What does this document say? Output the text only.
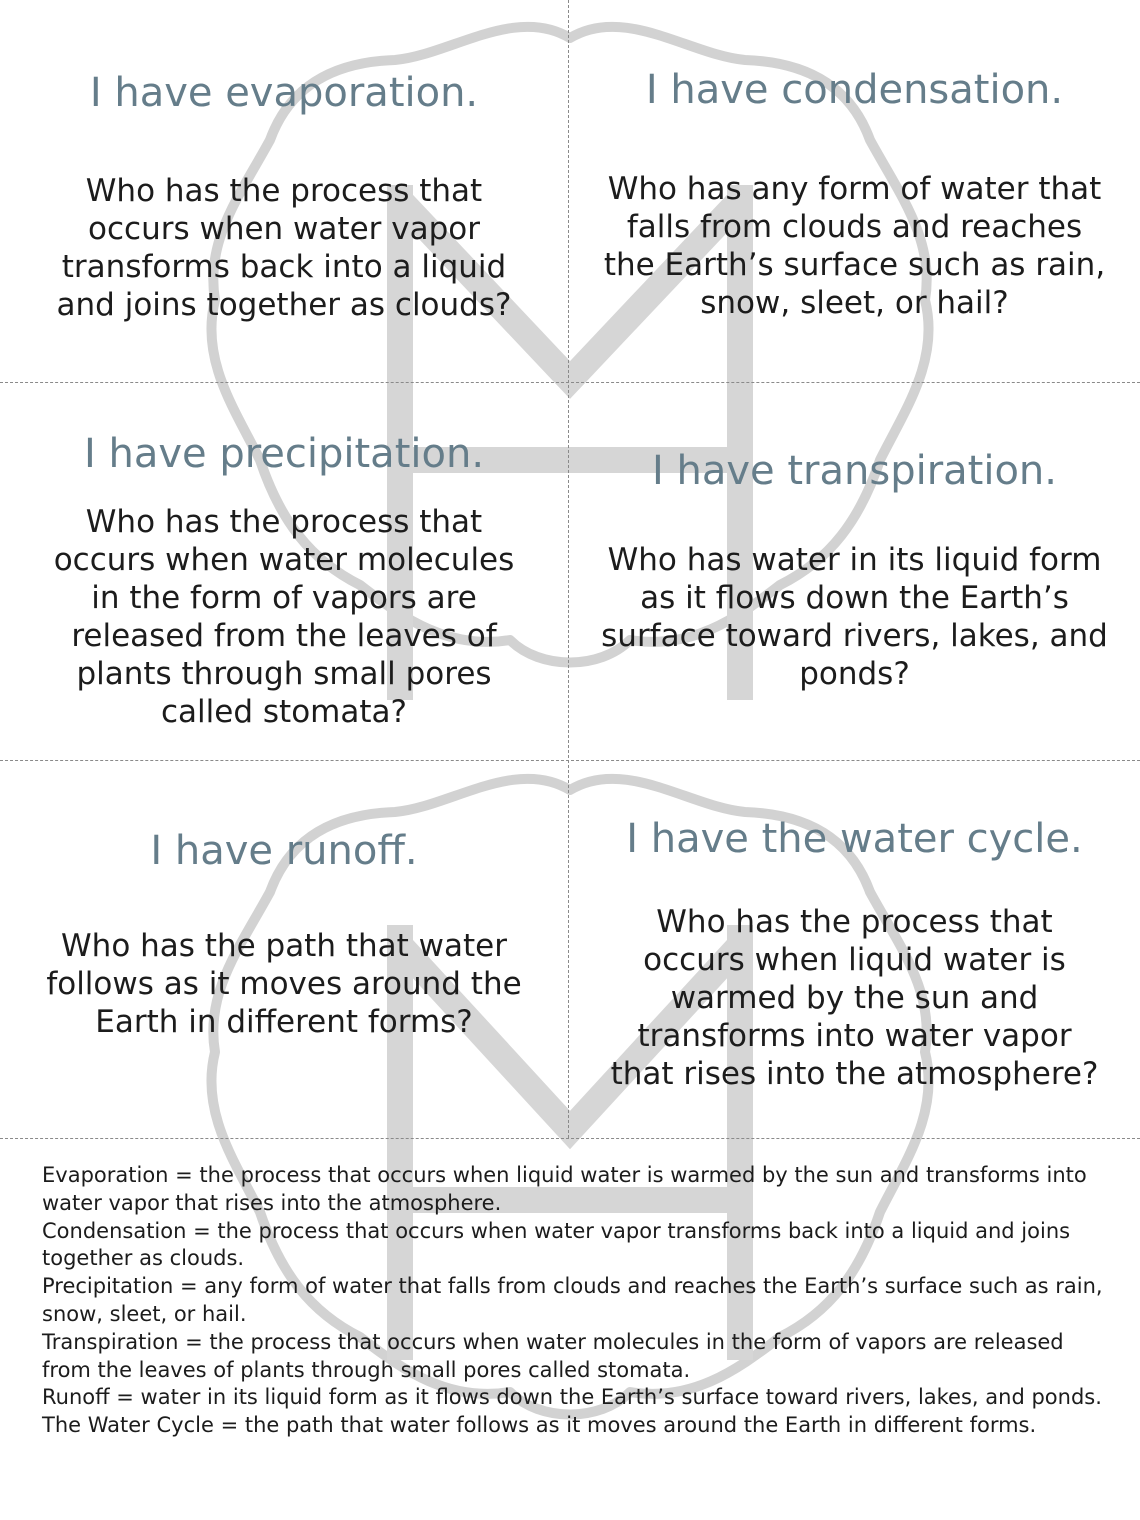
I have evaporation.
Who has the process that occurs when water vapor transforms back into a liquid and joins together as clouds?
I have condensation.
Who has any form of water that falls from clouds and reaches the Earth’s surface such as rain, snow, sleet, or hail?
I have precipitation.
Who has the process that occurs when water molecules in the form of vapors are released from the leaves of plants through small pores called stomata?
I have transpiration.
Who has water in its liquid form as it flows down the Earth’s surface toward rivers, lakes, and ponds?
I have runoff.
Who has the path that water follows as it moves around the Earth in different forms?
I have the water cycle.
Who has the process that occurs when liquid water is warmed by the sun and transforms into water vapor that rises into the atmosphere?

Evaporation = the process that occurs when liquid water is warmed by the sun and transforms into water vapor that rises into the atmosphere.

Condensation = the process that occurs when water vapor transforms back into a liquid and joins together as clouds.

Precipitation = any form of water that falls from clouds and reaches the Earth’s surface such as rain, snow, sleet, or hail.

Transpiration = the process that occurs when water molecules in the form of vapors are released from the leaves of plants through small pores called stomata.

Runoff = water in its liquid form as it flows down the Earth’s surface toward rivers, lakes, and ponds.

The Water Cycle = the path that water follows as it moves around the Earth in different forms.
